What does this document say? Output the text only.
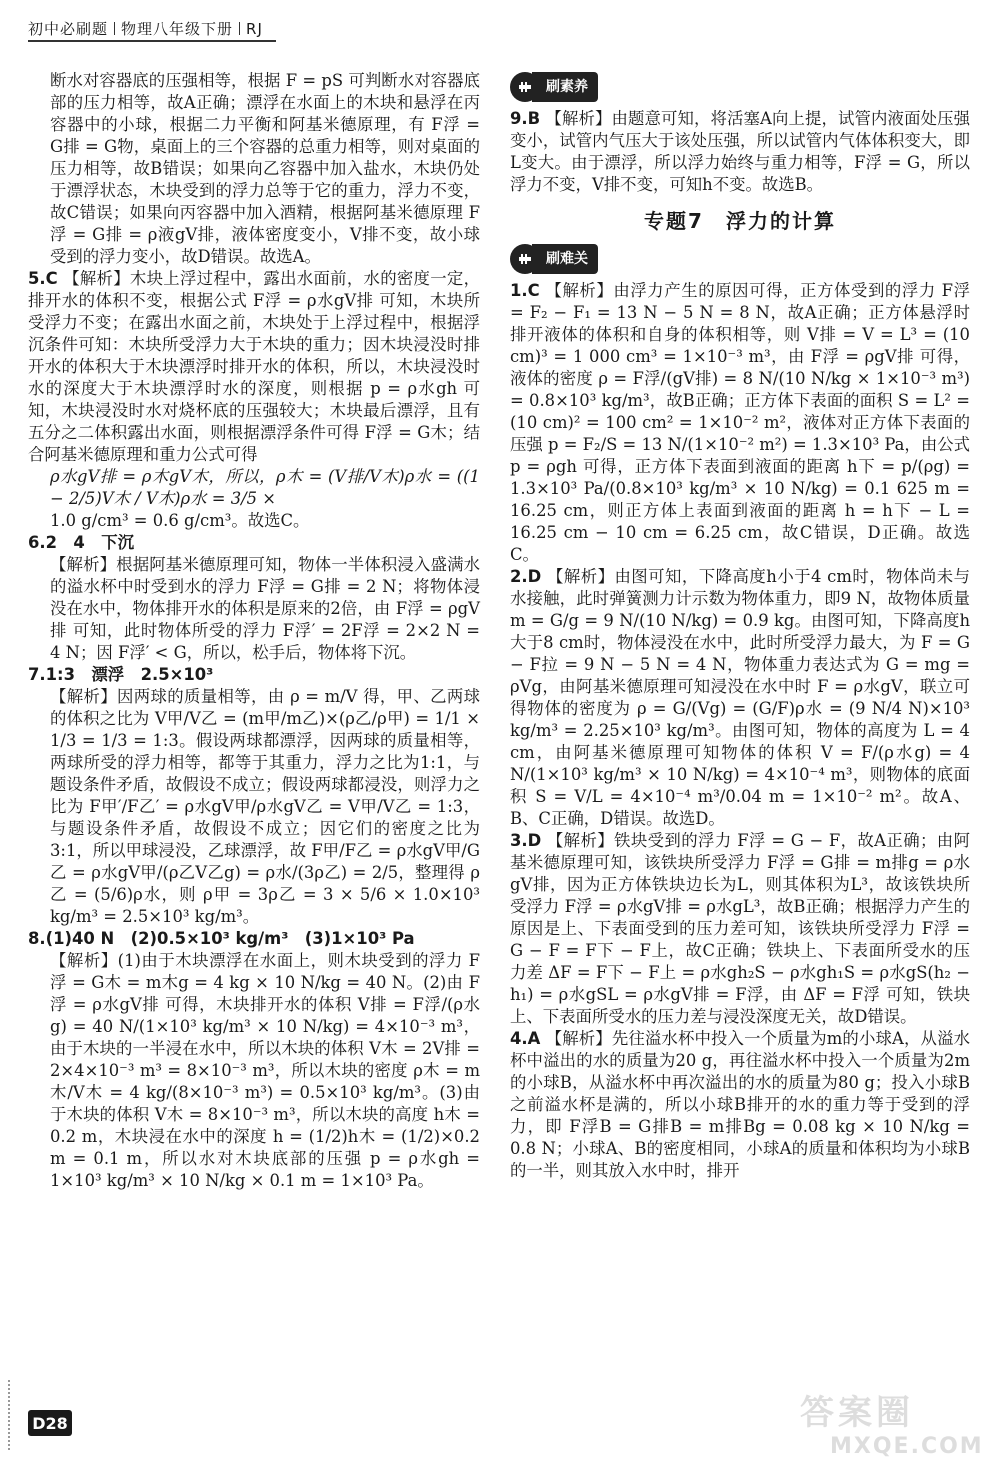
初中必刷题 物理八年级下册 RJ

断水对容器底的压强相等，根据 F = pS 可判断水对容器底部的压力相等，故A正确；漂浮在水面上的木块和悬浮在丙容器中的小球，根据二力平衡和阿基米德原理，有 F浮 = G排 = G物，桌面上的三个容器的总重力相等，则对桌面的压力相等，故B错误；如果向乙容器中加入盐水，木块仍处于漂浮状态，木块受到的浮力总等于它的重力，浮力不变，故C错误；如果向丙容器中加入酒精，根据阿基米德原理 F浮 = G排 = ρ液gV排，液体密度变小，V排不变，故小球受到的浮力变小，故D错误。故选A。

5.C 【解析】木块上浮过程中，露出水面前，水的密度一定，排开水的体积不变，根据公式 F浮 = ρ水gV排 可知，木块所受浮力不变；在露出水面之前，木块处于上浮过程中，根据浮沉条件可知：木块所受浮力大于木块的重力；因木块浸没时排开水的体积大于木块漂浮时排开水的体积，所以，木块浸没时水的深度大于木块漂浮时水的深度，则根据 p = ρ水gh 可知，木块浸没时水对烧杯底的压强较大；木块最后漂浮，且有五分之二体积露出水面，则根据漂浮条件可得 F浮 = G木；结合阿基米德原理和重力公式可得

ρ水gV排 = ρ木gV木，所以，ρ木 = (V排/V木)ρ水 = ((1 − 2/5)V木 / V木)ρ水 = 3/5 ×

1.0 g/cm³ = 0.6 g/cm³。故选C。

6.2　4　下沉

【解析】根据阿基米德原理可知，物体一半体积浸入盛满水的溢水杯中时受到水的浮力 F浮 = G排 = 2 N；将物体浸没在水中，物体排开水的体积是原来的2倍，由 F浮 = ρgV排 可知，此时物体所受的浮力 F浮′ = 2F浮 = 2×2 N = 4 N；因 F浮′ < G，所以，松手后，物体将下沉。

7.1:3　漂浮　2.5×10³

【解析】因两球的质量相等，由 ρ = m/V 得，甲、乙两球的体积之比为 V甲/V乙 = (m甲/m乙)×(ρ乙/ρ甲) = 1/1 × 1/3 = 1/3 = 1:3。假设两球都漂浮，因两球的质量相等，两球所受的浮力相等，都等于其重力，浮力之比为1:1，与题设条件矛盾，故假设不成立；假设两球都浸没，则浮力之比为 F甲′/F乙′ = ρ水gV甲/ρ水gV乙 = V甲/V乙 = 1:3，与题设条件矛盾，故假设不成立；因它们的密度之比为3:1，所以甲球浸没，乙球漂浮，故 F甲/F乙 = ρ水gV甲/G乙 = ρ水gV甲/(ρ乙V乙g) = ρ水/(3ρ乙) = 2/5，整理得 ρ乙 = (5/6)ρ水，则 ρ甲 = 3ρ乙 = 3 × 5/6 × 1.0×10³ kg/m³ = 2.5×10³ kg/m³。

8.(1)40 N　(2)0.5×10³ kg/m³　(3)1×10³ Pa

【解析】(1)由于木块漂浮在水面上，则木块受到的浮力 F浮 = G木 = m木g = 4 kg × 10 N/kg = 40 N。(2)由 F浮 = ρ水gV排 可得，木块排开水的体积 V排 = F浮/(ρ水g) = 40 N/(1×10³ kg/m³ × 10 N/kg) = 4×10⁻³ m³，由于木块的一半浸在水中，所以木块的体积 V木 = 2V排 = 2×4×10⁻³ m³ = 8×10⁻³ m³，所以木块的密度 ρ木 = m木/V木 = 4 kg/(8×10⁻³ m³) = 0.5×10³ kg/m³。(3)由于木块的体积 V木 = 8×10⁻³ m³，所以木块的高度 h木 = 0.2 m，木块浸在水中的深度 h = (1/2)h木 = (1/2)×0.2 m = 0.1 m，所以水对木块底部的压强 p = ρ水gh = 1×10³ kg/m³ × 10 N/kg × 0.1 m = 1×10³ Pa。

刷素养

9.B 【解析】由题意可知，将活塞A向上提，试管内液面处压强变小，试管内气压大于该处压强，所以试管内气体体积变大，即L变大。由于漂浮，所以浮力始终与重力相等，F浮 = G，所以浮力不变，V排不变，可知h不变。故选B。

专题7　浮力的计算
刷难关

1.C 【解析】由浮力产生的原因可得，正方体受到的浮力 F浮 = F₂ − F₁ = 13 N − 5 N = 8 N，故A正确；正方体悬浮时排开液体的体积和自身的体积相等，则 V排 = V = L³ = (10 cm)³ = 1 000 cm³ = 1×10⁻³ m³，由 F浮 = ρgV排 可得，液体的密度 ρ = F浮/(gV排) = 8 N/(10 N/kg × 1×10⁻³ m³) = 0.8×10³ kg/m³，故B正确；正方体下表面的面积 S = L² = (10 cm)² = 100 cm² = 1×10⁻² m²，液体对正方体下表面的压强 p = F₂/S = 13 N/(1×10⁻² m²) = 1.3×10³ Pa，由公式 p = ρgh 可得，正方体下表面到液面的距离 h下 = p/(ρg) = 1.3×10³ Pa/(0.8×10³ kg/m³ × 10 N/kg) = 0.1 625 m = 16.25 cm，则正方体上表面到液面的距离 h = h下 − L = 16.25 cm − 10 cm = 6.25 cm，故C错误，D正确。故选C。

2.D 【解析】由图可知，下降高度h小于4 cm时，物体尚未与水接触，此时弹簧测力计示数为物体重力，即9 N，故物体质量 m = G/g = 9 N/(10 N/kg) = 0.9 kg。由图可知，下降高度h大于8 cm时，物体浸没在水中，此时所受浮力最大，为 F = G − F拉 = 9 N − 5 N = 4 N，物体重力表达式为 G = mg = ρVg，由阿基米德原理可知浸没在水中时 F = ρ水gV，联立可得物体的密度为 ρ = G/(Vg) = (G/F)ρ水 = (9 N/4 N)×10³ kg/m³ = 2.25×10³ kg/m³。由图可知，物体的高度为 L = 4 cm，由阿基米德原理可知物体的体积 V = F/(ρ水g) = 4 N/(1×10³ kg/m³ × 10 N/kg) = 4×10⁻⁴ m³，则物体的底面积 S = V/L = 4×10⁻⁴ m³/0.04 m = 1×10⁻² m²。故A、B、C正确，D错误。故选D。

3.D 【解析】铁块受到的浮力 F浮 = G − F，故A正确；由阿基米德原理可知，该铁块所受浮力 F浮 = G排 = m排g = ρ水gV排，因为正方体铁块边长为L，则其体积为L³，故该铁块所受浮力 F浮 = ρ水gV排 = ρ水gL³，故B正确；根据浮力产生的原因是上、下表面受到的压力差可知，该铁块所受浮力 F浮 = G − F = F下 − F上，故C正确；铁块上、下表面所受水的压力差 ΔF = F下 − F上 = ρ水gh₂S − ρ水gh₁S = ρ水gS(h₂ − h₁) = ρ水gSL = ρ水gV排 = F浮，由 ΔF = F浮 可知，铁块上、下表面所受水的压力差与浸没深度无关，故D错误。

4.A 【解析】先往溢水杯中投入一个质量为m的小球A，从溢水杯中溢出的水的质量为20 g，再往溢水杯中投入一个质量为2m的小球B，从溢水杯中再次溢出的水的质量为80 g；投入小球B之前溢水杯是满的，所以小球B排开的水的重力等于受到的浮力，即 F浮B = G排B = m排Bg = 0.08 kg × 10 N/kg = 0.8 N；小球A、B的密度相同，小球A的质量和体积均为小球B的一半，则其放入水中时，排开

D28	答案圈
MXQE.COM
